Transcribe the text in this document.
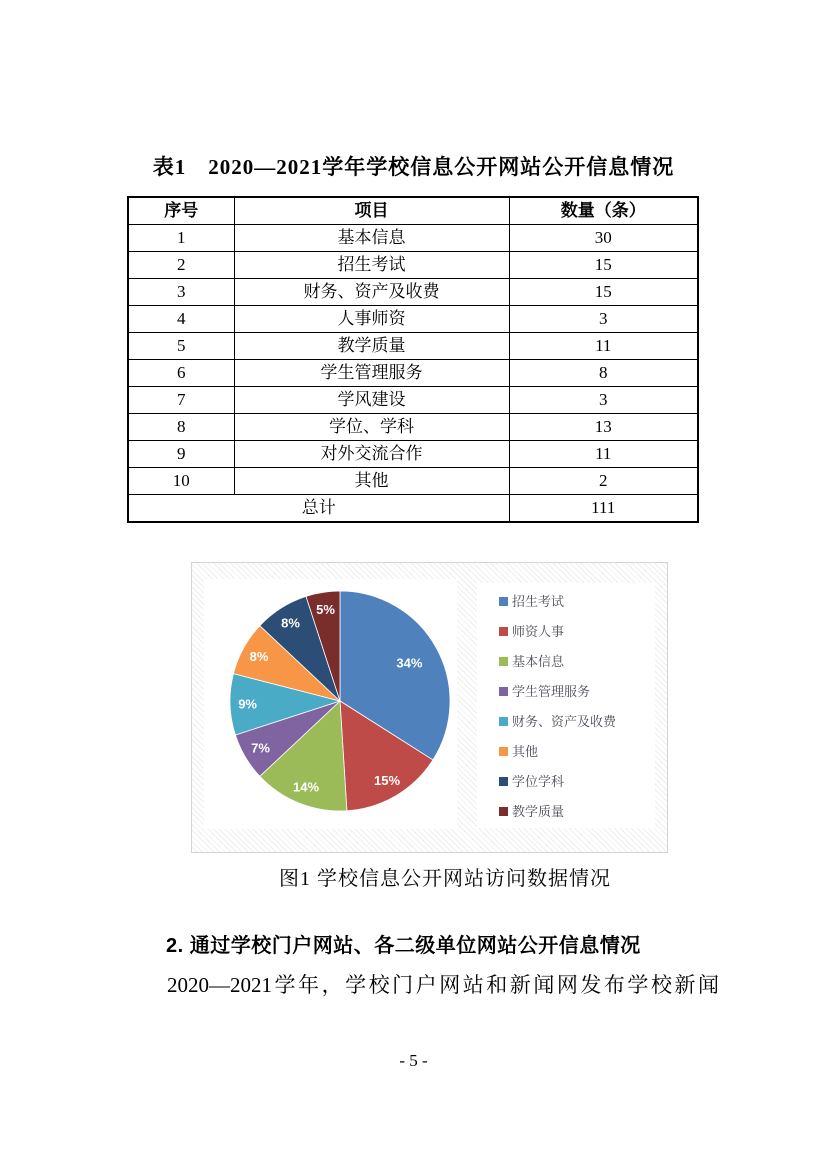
表1　2020—2021学年学校信息公开网站公开信息情况
序号	项目	数量（条）
1	基本信息	30
2	招生考试	15
3	财务、资产及收费	15
4	人事师资	3
5	教学质量	11
6	学生管理服务	8
7	学风建设	3
8	学位、学科	13
9	对外交流合作	11
10	其他	2
总计		111
34%
招生考试
15%
师资人事
14%
基本信息
7%
学生管理服务
9%
财务、资产及收费
8%
其他
8%
学位学科
5%
教学质量
图1 学校信息公开网站访问数据情况
2. 通过学校门户网站、各二级单位网站公开信息情况
2020—2021学年，学校门户网站和新闻网发布学校新闻
- 5 -
